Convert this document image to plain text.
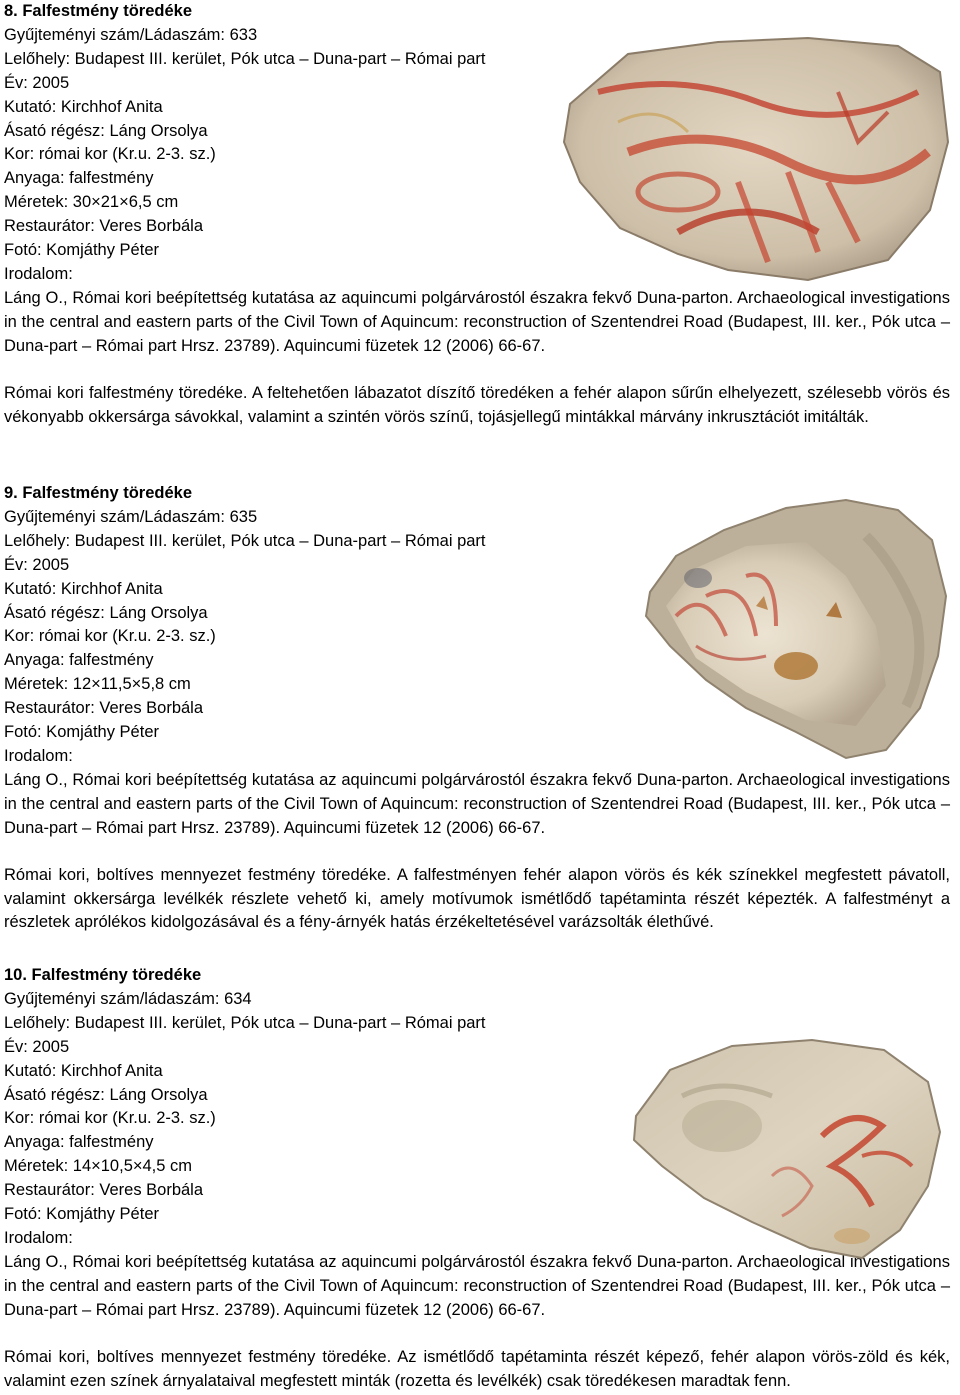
8. Falfestmény töredéke
Gyűjteményi szám/Ládaszám: 633
Lelőhely: Budapest III. kerület, Pók utca – Duna-part – Római part
Év: 2005
Kutató: Kirchhof Anita
Ásató régész: Láng Orsolya
Kor: római kor (Kr.u. 2-3. sz.)
Anyaga: falfestmény
Méretek: 30×21×6,5 cm
Restaurátor: Veres Borbála
Fotó: Komjáthy Péter
Irodalom:
Láng O., Római kori beépítettség kutatása az aquincumi polgárvárostól északra fekvő Duna-parton. Archaeological investigations in the central and eastern parts of the Civil Town of Aquincum: reconstruction of Szentendrei Road (Budapest, III. ker., Pók utca – Duna-part – Római part Hrsz. 23789). Aquincumi füzetek 12 (2006) 66-67.
Római kori falfestmény töredéke. A feltehetően lábazatot díszítő töredéken a fehér alapon sűrűn elhelyezett, szélesebb vörös és vékonyabb okkersárga sávokkal, valamint a szintén vörös színű, tojásjellegű mintákkal márvány inkrusztációt imitálták.
9. Falfestmény töredéke
Gyűjteményi szám/Ládaszám: 635
Lelőhely: Budapest III. kerület, Pók utca – Duna-part – Római part
Év: 2005
Kutató: Kirchhof Anita
Ásató régész: Láng Orsolya
Kor: római kor (Kr.u. 2-3. sz.)
Anyaga: falfestmény
Méretek: 12×11,5×5,8 cm
Restaurátor: Veres Borbála
Fotó: Komjáthy Péter
Irodalom:
Láng O., Római kori beépítettség kutatása az aquincumi polgárvárostól északra fekvő Duna-parton. Archaeological investigations in the central and eastern parts of the Civil Town of Aquincum: reconstruction of Szentendrei Road (Budapest, III. ker., Pók utca – Duna-part – Római part Hrsz. 23789). Aquincumi füzetek 12 (2006) 66-67.
Római kori, boltíves mennyezet festmény töredéke. A falfestményen fehér alapon vörös és kék színekkel megfestett pávatoll, valamint okkersárga levélkék részlete vehető ki, amely motívumok ismétlődő tapétaminta részét képezték. A falfestményt a részletek aprólékos kidolgozásával és a fény-árnyék hatás érzékeltetésével varázsolták élethűvé.
10. Falfestmény töredéke
Gyűjteményi szám/ládaszám: 634
Lelőhely: Budapest III. kerület, Pók utca – Duna-part – Római part
Év: 2005
Kutató: Kirchhof Anita
Ásató régész: Láng Orsolya
Kor: római kor (Kr.u. 2-3. sz.)
Anyaga: falfestmény
Méretek: 14×10,5×4,5 cm
Restaurátor: Veres Borbála
Fotó: Komjáthy Péter
Irodalom:
Láng O., Római kori beépítettség kutatása az aquincumi polgárvárostól északra fekvő Duna-parton. Archaeological investigations in the central and eastern parts of the Civil Town of Aquincum: reconstruction of Szentendrei Road (Budapest, III. ker., Pók utca – Duna-part – Római part Hrsz. 23789). Aquincumi füzetek 12 (2006) 66-67.
Római kori, boltíves mennyezet festmény töredéke. Az ismétlődő tapétaminta részét képező, fehér alapon vörös-zöld és kék, valamint ezen színek árnyalataival megfestett minták (rozetta és levélkék) csak töredékesen maradtak fenn.
